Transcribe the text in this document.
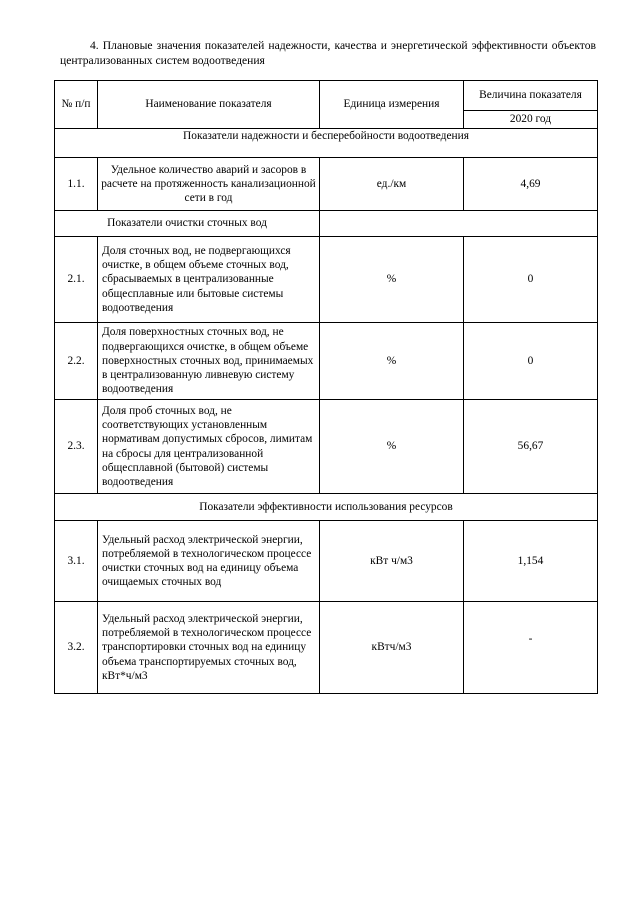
4. Плановые значения показателей надежности, качества и энергетической эффективности объектов централизованных систем водоотведения
№ п/п	Наименование показателя	Единица измерения	Величина показателя
			2020 год
Показатели надежности и бесперебойности водоотведения			
1.1.	Удельное количество аварий и засоров в расчете на протяженность канализационной сети в год	ед./км	4,69
Показатели очистки сточных вод			
2.1.	Доля сточных вод, не подвергающихся очистке, в общем объеме сточных вод, сбрасываемых в централизованные общесплавные или бытовые системы водоотведения	%	0
2.2.	Доля поверхностных сточных вод, не подвергающихся очистке, в общем объеме поверхностных сточных вод, принимаемых в централизованную ливневую систему водоотведения	%	0
2.3.	Доля проб сточных вод, не соответствующих установленным нормативам допустимых сбросов, лимитам на сбросы для централизованной общесплавной (бытовой) системы водоотведения	%	56,67
Показатели эффективности использования ресурсов			
3.1.	Удельный расход электрической энергии, потребляемой в технологическом процессе очистки сточных вод на единицу объема очищаемых сточных вод	кВт ч/м3	1,154
3.2.	Удельный расход электрической энергии, потребляемой в технологическом процессе транспортировки сточных вод на единицу объема транспортируемых сточных вод, кВт*ч/м3	кВтч/м3	-
